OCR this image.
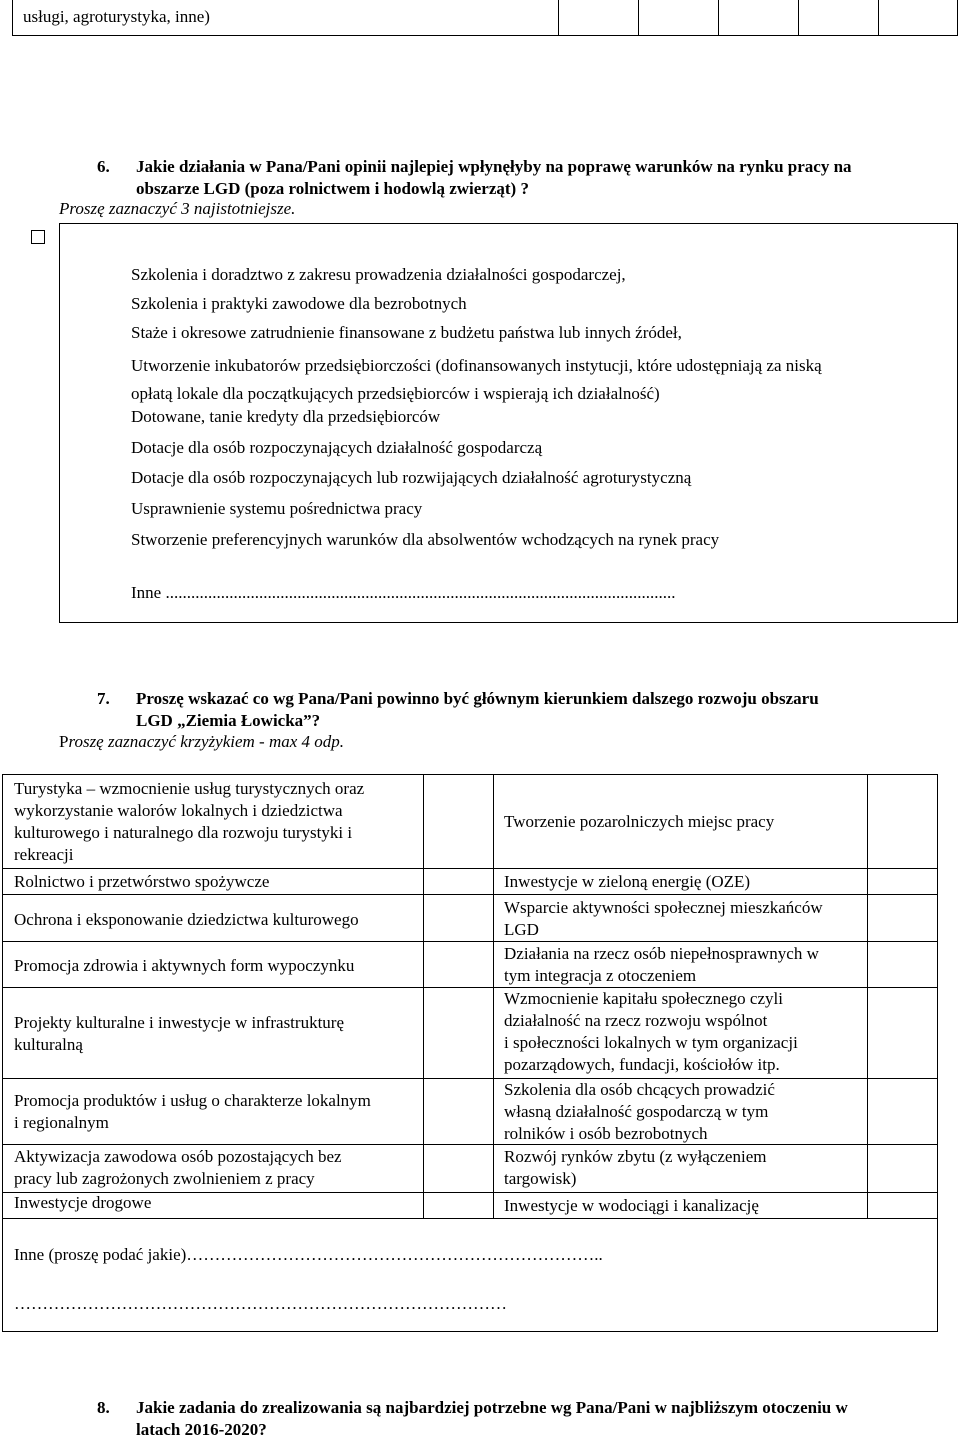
usługi, agroturystyka, inne)
6. Jakie działania w Pana/Pani opinii najlepiej wpłynęłyby na poprawę warunków na rynku pracy na
obszarze LGD (poza rolnictwem i hodowlą zwierząt) ?
Proszę zaznaczyć 3 najistotniejsze.
Szkolenia i doradztwo z zakresu prowadzenia działalności gospodarczej,
Szkolenia i praktyki zawodowe dla bezrobotnych
Staże i okresowe zatrudnienie finansowane z budżetu państwa lub innych źródeł,
Utworzenie inkubatorów przedsiębiorczości (dofinansowanych instytucji, które udostępniają za niską
opłatą lokale dla początkujących przedsiębiorców i wspierają ich działalność)
Dotowane, tanie kredyty dla przedsiębiorców
Dotacje dla osób rozpoczynających działalność gospodarczą
Dotacje dla osób rozpoczynających lub rozwijających działalność agroturystyczną
Usprawnienie systemu pośrednictwa pracy
Stworzenie preferencyjnych warunków dla absolwentów wchodzących na rynek pracy
Inne ........................................................................................................................
7. Proszę wskazać co wg Pana/Pani powinno być głównym kierunkiem dalszego rozwoju obszaru
LGD „Ziemia Łowicka”?
Proszę zaznaczyć krzyżykiem - max 4 odp.
Turystyka – wzmocnienie usług turystycznych oraz
wykorzystanie walorów lokalnych i dziedzictwa
kulturowego i naturalnego dla rozwoju turystyki i
rekreacji
Rolnictwo i przetwórstwo spożywcze
Ochrona i eksponowanie dziedzictwa kulturowego
Promocja zdrowia i aktywnych form wypoczynku
Projekty kulturalne i inwestycje w infrastrukturę
kulturalną
Promocja produktów i usług o charakterze lokalnym
i regionalnym
Aktywizacja zawodowa osób pozostających bez
pracy lub zagrożonych zwolnieniem z pracy
Inwestycje drogowe
Tworzenie pozarolniczych miejsc pracy
Inwestycje w zieloną energię (OZE)
Wsparcie aktywności społecznej mieszkańców
LGD
Działania na rzecz osób niepełnosprawnych w
tym integracja z otoczeniem
Wzmocnienie kapitału społecznego czyli
działalność na rzecz rozwoju wspólnot
i społeczności lokalnych w tym organizacji
pozarządowych, fundacji, kościołów itp.
Szkolenia dla osób chcących prowadzić
własną działalność gospodarczą w tym
rolników i osób bezrobotnych
Rozwój rynków zbytu (z wyłączeniem
targowisk)
Inwestycje w wodociągi i kanalizację
Inne (proszę podać jakie)………………………………………………………………..
……………………………………………………………………………
8. Jakie zadania do zrealizowania są najbardziej potrzebne wg Pana/Pani w najbliższym otoczeniu w
latach 2016-2020?
